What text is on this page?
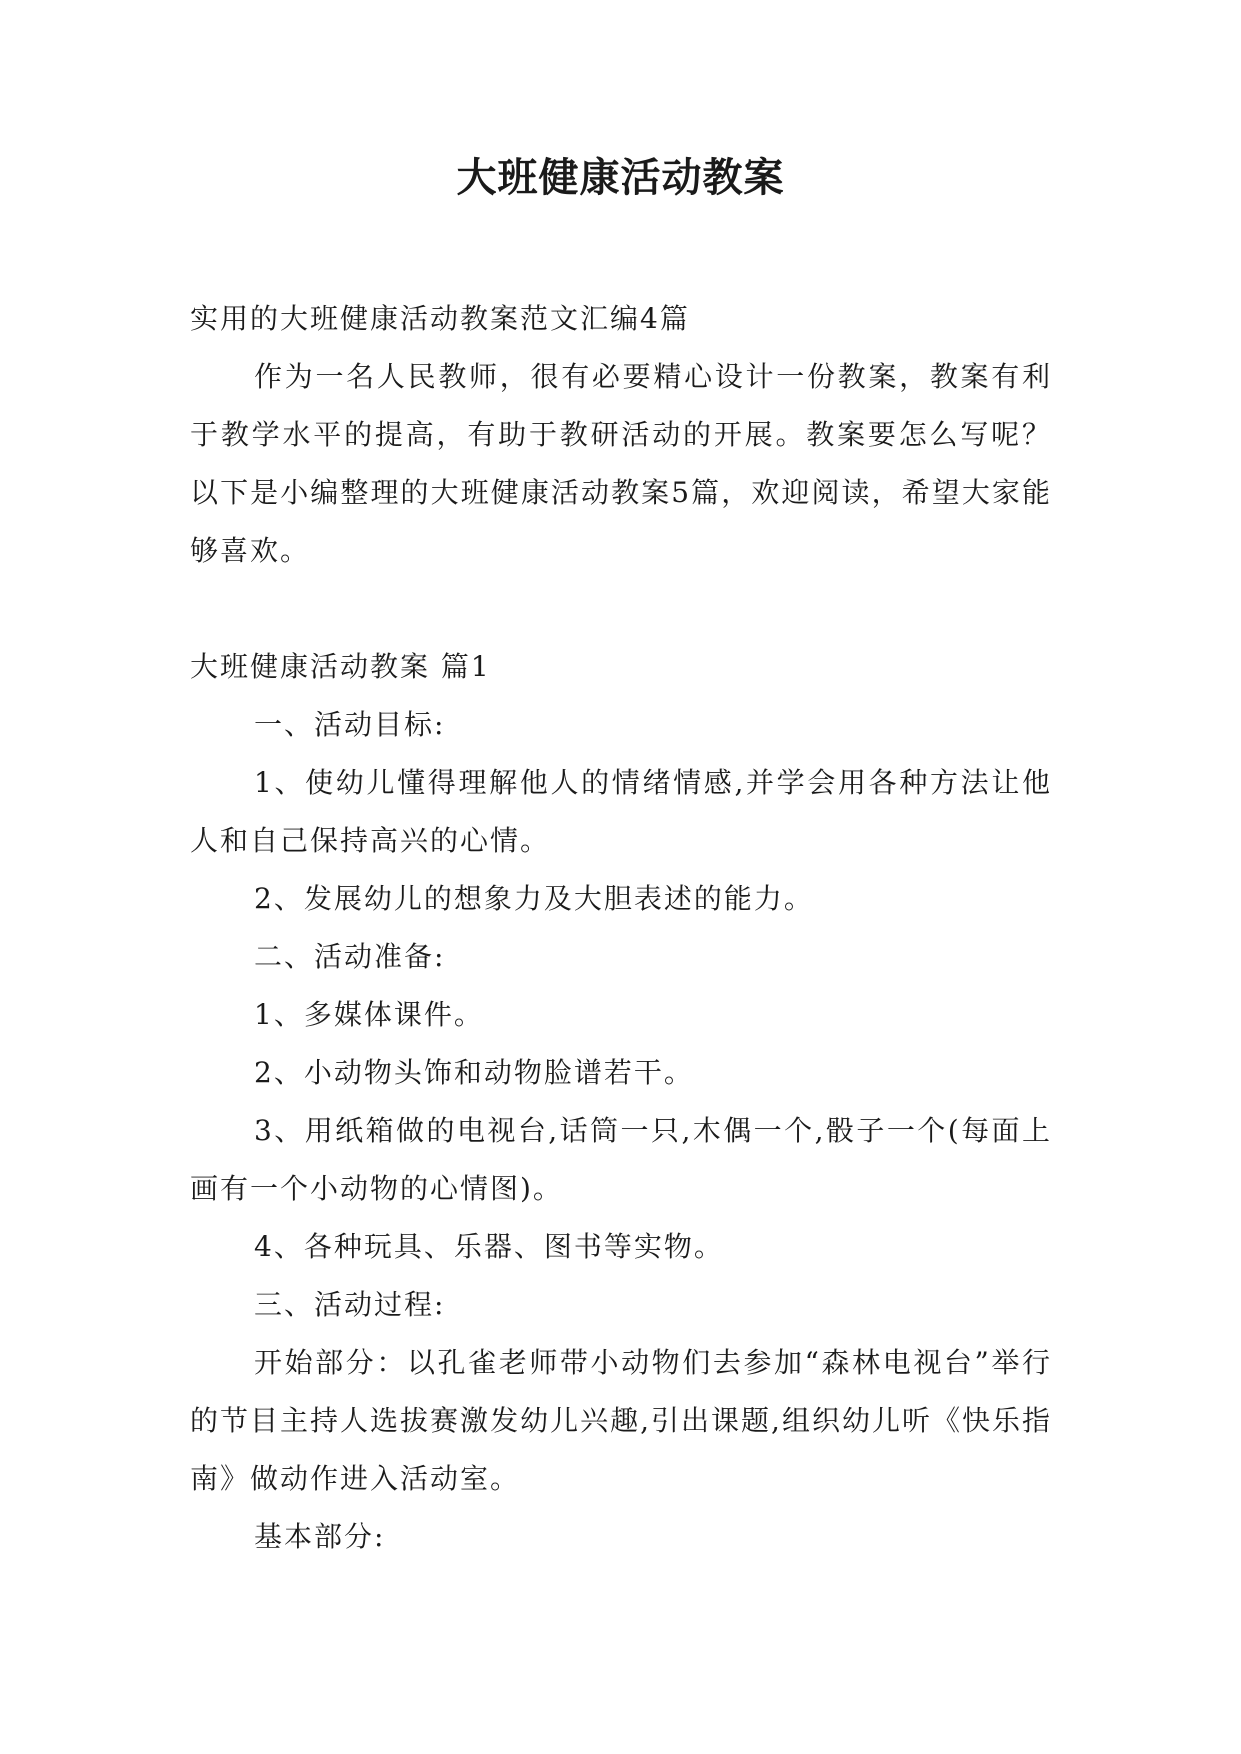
大班健康活动教案

实用的大班健康活动教案范文汇编4篇

作为一名人民教师，很有必要精心设计一份教案，教案有利于教学水平的提高，有助于教研活动的开展。教案要怎么写呢？以下是小编整理的大班健康活动教案5篇，欢迎阅读，希望大家能够喜欢。

大班健康活动教案 篇1

一、活动目标:

1、使幼儿懂得理解他人的情绪情感,并学会用各种方法让他人和自己保持高兴的心情。

2、发展幼儿的想象力及大胆表述的能力。

二、活动准备:

1、多媒体课件。

2、小动物头饰和动物脸谱若干。

3、用纸箱做的电视台,话筒一只,木偶一个,骰子一个(每面上画有一个小动物的心情图)。

4、各种玩具、乐器、图书等实物。

三、活动过程:

开始部分：以孔雀老师带小动物们去参加“森林电视台”举行的节目主持人选拔赛激发幼儿兴趣,引出课题,组织幼儿听《快乐指南》做动作进入活动室。

基本部分:
